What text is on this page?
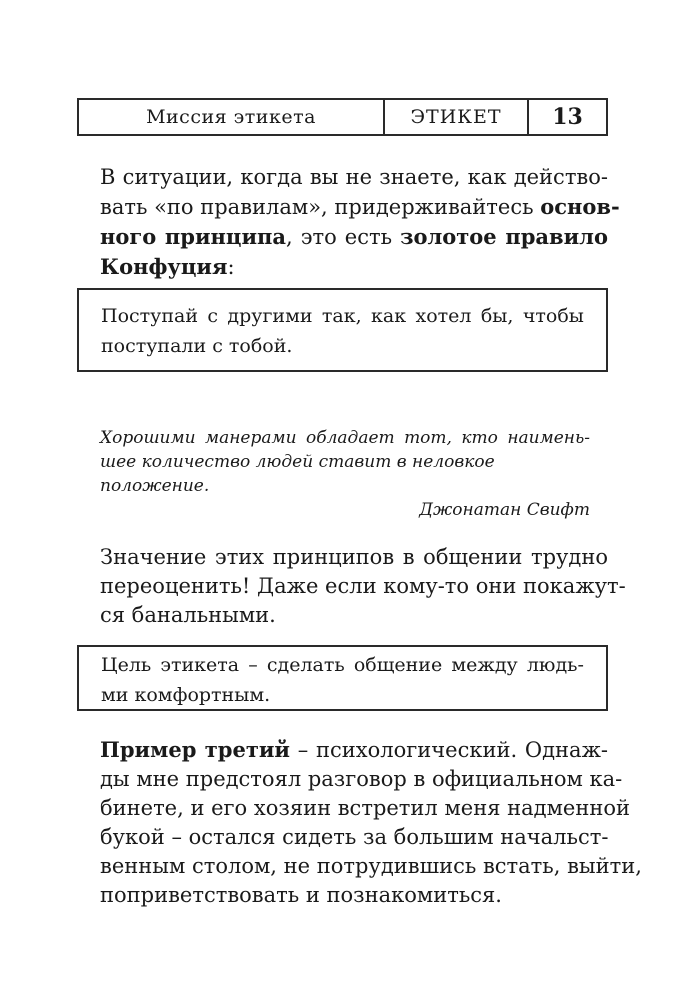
Миссия этикета	ЭТИКЕТ	13
В ситуации, когда вы не знаете, как действо-
вать «по правилам», придерживайтесь основ-
ного принципа, это есть золотое правило
Конфуция:
Поступай с другими так, как хотел бы, чтобы
поступали с тобой.
Хорошими манерами обладает тот, кто наимень-
шее количество людей ставит в неловкое положение.
Джонатан Свифт
Значение этих принципов в общении трудно
переоценить! Даже если кому-то они покажут-
ся банальными.
Цель этикета – сделать общение между людь-
ми комфортным.
Пример третий – психологический. Однаж-
ды мне предстоял разговор в официальном ка-
бинете, и его хозяин встретил меня надменной
букой – остался сидеть за большим начальст-
венным столом, не потрудившись встать, выйти,
поприветствовать и познакомиться.
